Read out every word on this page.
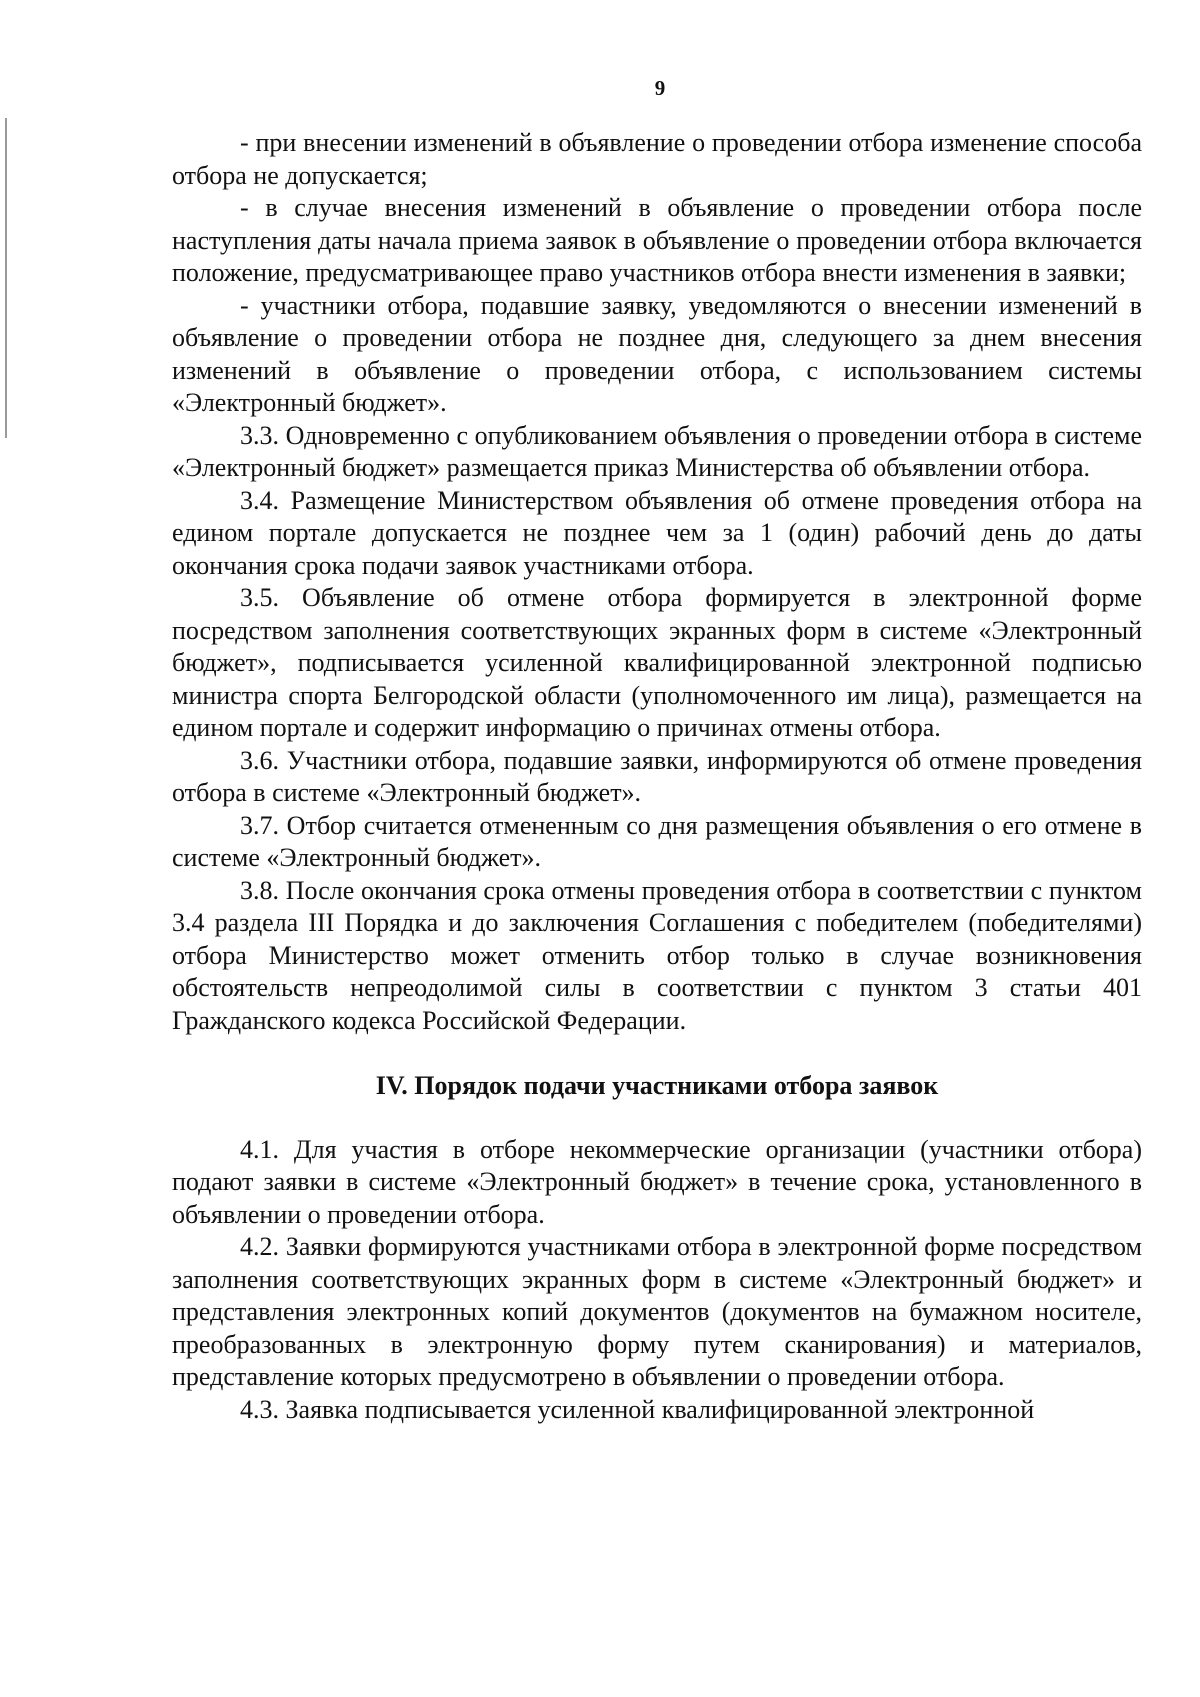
9

- при внесении изменений в объявление о проведении отбора изменение способа отбора не допускается;

- в случае внесения изменений в объявление о проведении отбора после наступления даты начала приема заявок в объявление о проведении отбора включается положение, предусматривающее право участников отбора внести изменения в заявки;

- участники отбора, подавшие заявку, уведомляются о внесении изменений в объявление о проведении отбора не позднее дня, следующего за днем внесения изменений в объявление о проведении отбора, с использованием системы «Электронный бюджет».

3.3. Одновременно с опубликованием объявления о проведении отбора в системе «Электронный бюджет» размещается приказ Министерства об объявлении отбора.

3.4. Размещение Министерством объявления об отмене проведения отбора на едином портале допускается не позднее чем за 1 (один) рабочий день до даты окончания срока подачи заявок участниками отбора.

3.5. Объявление об отмене отбора формируется в электронной форме посредством заполнения соответствующих экранных форм в системе «Электронный бюджет», подписывается усиленной квалифицированной электронной подписью министра спорта Белгородской области (уполномоченного им лица), размещается на едином портале и содержит информацию о причинах отмены отбора.

3.6. Участники отбора, подавшие заявки, информируются об отмене проведения отбора в системе «Электронный бюджет».

3.7. Отбор считается отмененным со дня размещения объявления о его отмене в системе «Электронный бюджет».

3.8. После окончания срока отмены проведения отбора в соответствии с пунктом 3.4 раздела III Порядка и до заключения Соглашения с победителем (победителями) отбора Министерство может отменить отбор только в случае возникновения обстоятельств непреодолимой силы в соответствии с пунктом 3 статьи 401 Гражданского кодекса Российской Федерации.

IV. Порядок подачи участниками отбора заявок

4.1. Для участия в отборе некоммерческие организации (участники отбора) подают заявки в системе «Электронный бюджет» в течение срока, установленного в объявлении о проведении отбора.

4.2. Заявки формируются участниками отбора в электронной форме посредством заполнения соответствующих экранных форм в системе «Электронный бюджет» и представления электронных копий документов (документов на бумажном носителе, преобразованных в электронную форму путем сканирования) и материалов, представление которых предусмотрено в объявлении о проведении отбора.

4.3. Заявка подписывается усиленной квалифицированной электронной
